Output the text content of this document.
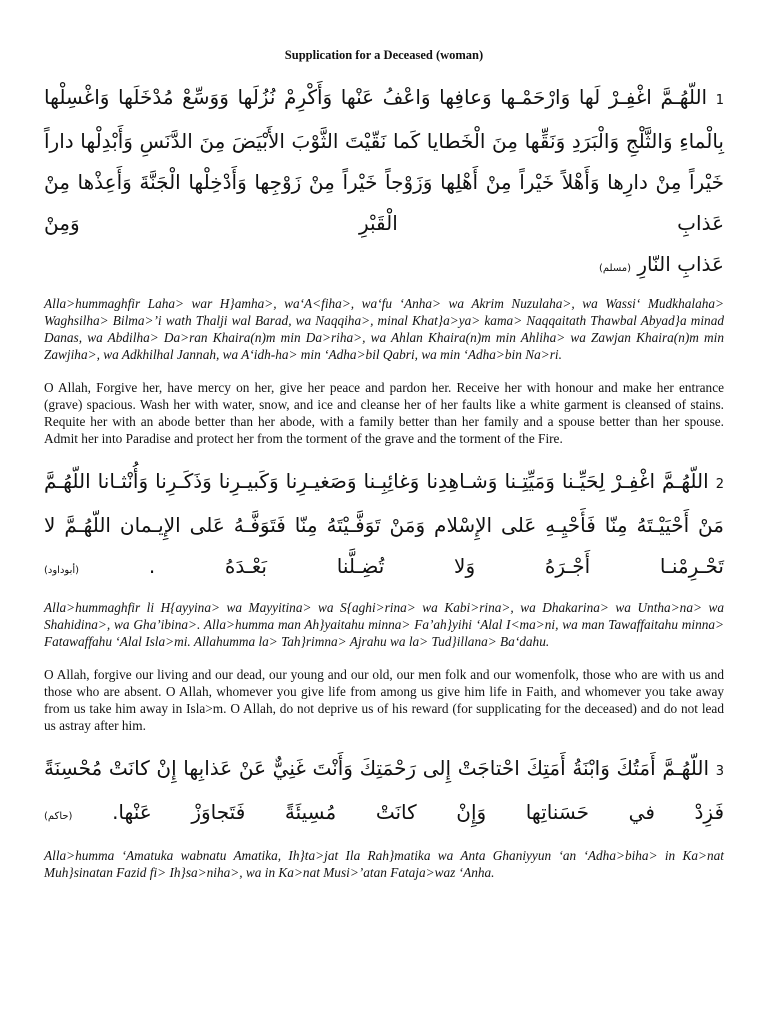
Supplication for a Deceased (woman)
1 اللّهُـمَّ اغْفِـرْ لَها وَارْحَمْـها وَعافِها وَاعْفُ عَنْها وَأَكْرِمْ نُزُلَها وَوَسِّعْ مُدْخَلَها وَاغْسِلْها بِالْماءِ وَالثَّلْجِ وَالْبَرَدِ وَنَقِّها مِنَ الْخَطايا كَما نَقّيْتَ الثَّوْبَ الأَبْيَضَ مِنَ الدَّنَسِ وَأَبْدِلْها داراً خَيْراً مِنْ دارِها وَأَهْلاً خَيْراً مِنْ أَهْلِها وَزَوْجاً خَيْراً مِنْ زَوْجِها وَأَدْخِلْها الْجَنَّةَ وَأَعِذْها مِنْ عَذابِ الْقَبْرِ وَمِنْ
عَذابِ النّارِ (مسلم)

Alla>hummaghfir Laha> war H}amha>, wa‘A<fiha>, wa‘fu ‘Anha> wa Akrim Nuzulaha>, wa Wassi‘ Mudkhalaha> Waghsilha> Bilma>’i wath Thalji wal Barad, wa Naqqiha>, minal Khat}a>ya> kama> Naqqaitath Thawbal Abyad}a minad Danas, wa Abdilha> Da>ran Khaira(n)m min Da>riha>, wa Ahlan Khaira(n)m min Ahliha> wa Zawjan Khaira(n)m min Zawjiha>, wa Adkhilhal Jannah, wa A‘idh-ha> min ‘Adha>bil Qabri, wa min ‘Adha>bin Na>ri.

O Allah, Forgive her, have mercy on her, give her peace and pardon her. Receive her with honour and make her entrance (grave) spacious. Wash her with water, snow, and ice and cleanse her of her faults like a white garment is cleansed of stains. Requite her with an abode better than her abode, with a family better than her family and a spouse better than her spouse. Admit her into Paradise and protect her from the torment of the grave and the torment of the Fire.

2 اللّهُـمَّ اغْفِـرْ لِحَيِّـنا وَمَيِّتِـنا وَشـاهِدِنا وَغائِبِـنا وَصَغيـرِنا وَكَبيـرِنا وَذَكَـرِنا وَأُنْثـانا اللّهُـمَّ مَنْ أَحْيَيْـتَهُ مِنّا فَأَحْيِـهِ عَلى الإِسْلام وَمَنْ تَوَفَّـيْتَهُ مِنّا فَتَوَفَّـهُ عَلى الإِيـمان اللّهُـمَّ لا تَحْـرِمْنـا أَجْـرَهُ وَلا تُضِـلَّنا بَعْـدَهُ . (أبوداود)

Alla>hummaghfir li H{ayyina> wa Mayyitina> wa S{aghi>rina> wa Kabi>rina>, wa Dhakarina> wa Untha>na> wa Shahidina>, wa Gha’ibina>. Alla>humma man Ah}yaitahu minna> Fa’ah}yihi ‘Alal I<ma>ni, wa man Tawaffaitahu minna> Fatawaffahu ‘Alal Isla>mi. Allahumma la> Tah}rimna> Ajrahu wa la> Tud}illana> Ba‘dahu.

O Allah, forgive our living and our dead, our young and our old, our men folk and our womenfolk, those who are with us and those who are absent. O Allah, whomever you give life from among us give him life in Faith, and whomever you take away from us take him away in Isla>m. O Allah, do not deprive us of his reward (for supplicating for the deceased) and do not lead us astray after him.

3 اللّهُـمَّ أَمَتُكَ وَابْنَةُ أَمَتِكَ احْتاجَتْ إِلى رَحْمَتِكَ وَأَنْتَ غَنِيٌّ عَنْ عَذابِها إِنْ كانَتْ مُحْسِنَةً فَزِدْ في حَسَناتِها وَإِنْ كانَتْ مُسِيئَةً فَتَجاوَزْ عَنْها. (حاكم)

Alla>humma ‘Amatuka wabnatu Amatika, Ih}ta>jat Ila Rah}matika wa Anta Ghaniyyun ‘an ‘Adha>biha> in Ka>nat Muh}sinatan Fazid fi> Ih}sa>niha>, wa in Ka>nat Musi>’atan Fataja>waz ‘Anha.
